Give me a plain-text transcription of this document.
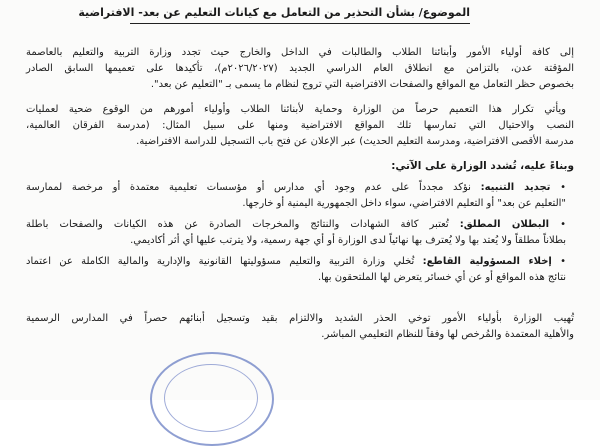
الموضوع/ بشأن التحذير من التعامل مع كيانات التعليم عن بعد- الافتراضية
إلى كافة أولياء الأمور وأبنائنا الطلاب والطالبات في الداخل والخارج حيث تجدد وزارة التربية والتعليم بالعاصمة
المؤقتة عدن، بالتزامن مع انطلاق العام الدراسي الجديد (٢٠٢٦/٢٠٢٧م)، تأكيدها على تعميمها السابق الصادر
بخصوص حظر التعامل مع المواقع والصفحات الافتراضية التي تروج لنظام ما يسمى بـ "التعليم عن بعد".
ويأتي تكرار هذا التعميم حرصاً من الوزارة وحماية لأبنائنا الطلاب وأولياء أمورهم من الوقوع ضحية لعمليات
النصب والاحتيال التي تمارسها تلك المواقع الافتراضية ومنها على سبيل المثال: (مدرسة الفرقان العالمية،
مدرسة الأقصى الافتراضية، ومدرسة التعليم الحديث) عبر الإعلان عن فتح باب التسجيل للدراسة الافتراضية.
وبناءً عليه، تُشدد الوزارة على الآتي:
• تجديد التنبيه: نؤكد مجدداً على عدم وجود أي مدارس أو مؤسسات تعليمية معتمدة أو مرخصة لممارسة
"التعليم عن بعد" أو التعليم الافتراضي، سواء داخل الجمهورية اليمنية أو خارجها.
• البطلان المطلق: تُعتبر كافة الشهادات والنتائج والمخرجات الصادرة عن هذه الكيانات والصفحات باطلة
بطلاناً مطلقاً ولا يُعتد بها ولا يُعترف بها نهائياً لدى الوزارة أو أي جهة رسمية، ولا يترتب عليها أي أثر أكاديمي.
• إخلاء المسؤولية القاطع: تُخلي وزارة التربية والتعليم مسؤوليتها القانونية والإدارية والمالية الكاملة عن اعتماد
نتائج هذه المواقع أو عن أي خسائر يتعرض لها الملتحقون بها.
تُهيب الوزارة بأولياء الأمور توخي الحذر الشديد والالتزام بقيد وتسجيل أبنائهم حصراً في المدارس الرسمية
والأهلية المعتمدة والمُرخص لها وفقاً للنظام التعليمي المباشر.
